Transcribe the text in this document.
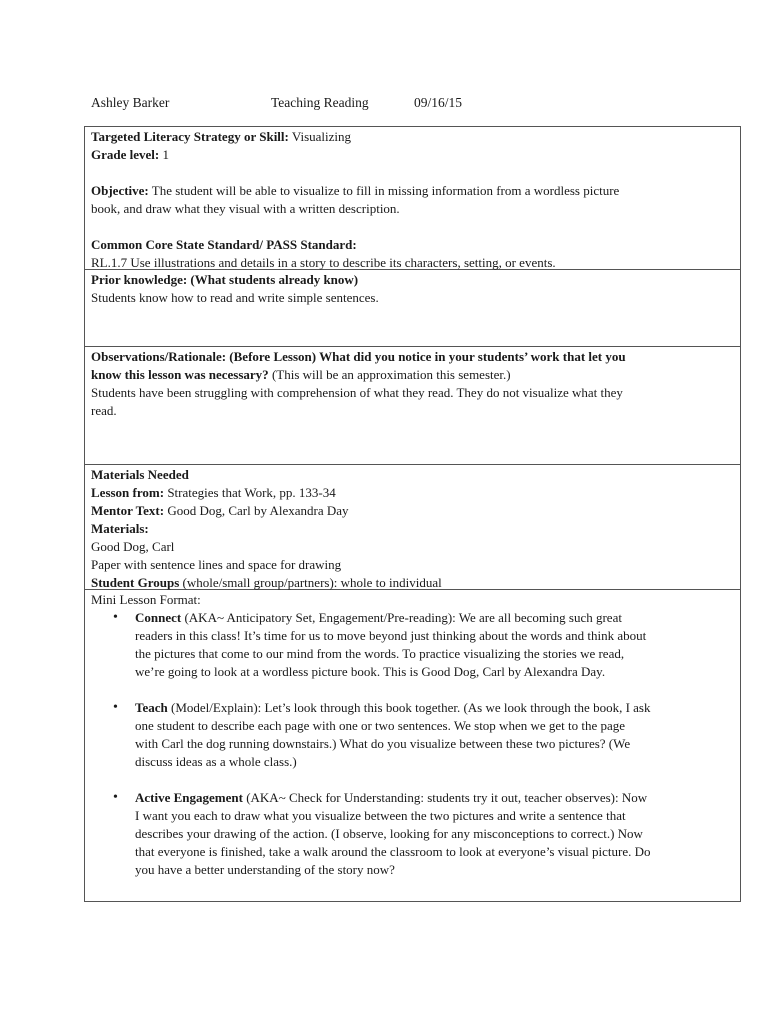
Ashley Barker	Teaching Reading	09/16/15
Targeted Literacy Strategy or Skill: Visualizing
Grade level: 1
Objective: The student will be able to visualize to fill in missing information from a wordless picture
book, and draw what they visual with a written description.
Common Core State Standard/ PASS Standard:
RL.1.7 Use illustrations and details in a story to describe its characters, setting, or events.
Prior knowledge: (What students already know)
Students know how to read and write simple sentences.
Observations/Rationale: (Before Lesson) What did you notice in your students’ work that let you
know this lesson was necessary? (This will be an approximation this semester.)
Students have been struggling with comprehension of what they read. They do not visualize what they
read.
Materials Needed
Lesson from: Strategies that Work, pp. 133-34
Mentor Text: Good Dog, Carl by Alexandra Day
Materials:
Good Dog, Carl
Paper with sentence lines and space for drawing
Student Groups (whole/small group/partners): whole to individual
Mini Lesson Format:
• Connect (AKA~ Anticipatory Set, Engagement/Pre-reading): We are all becoming such great
readers in this class! It’s time for us to move beyond just thinking about the words and think about
the pictures that come to our mind from the words. To practice visualizing the stories we read,
we’re going to look at a wordless picture book. This is Good Dog, Carl by Alexandra Day.
• Teach (Model/Explain): Let’s look through this book together. (As we look through the book, I ask
one student to describe each page with one or two sentences. We stop when we get to the page
with Carl the dog running downstairs.) What do you visualize between these two pictures? (We
discuss ideas as a whole class.)
• Active Engagement (AKA~ Check for Understanding: students try it out, teacher observes): Now
I want you each to draw what you visualize between the two pictures and write a sentence that
describes your drawing of the action. (I observe, looking for any misconceptions to correct.) Now
that everyone is finished, take a walk around the classroom to look at everyone’s visual picture. Do
you have a better understanding of the story now?
